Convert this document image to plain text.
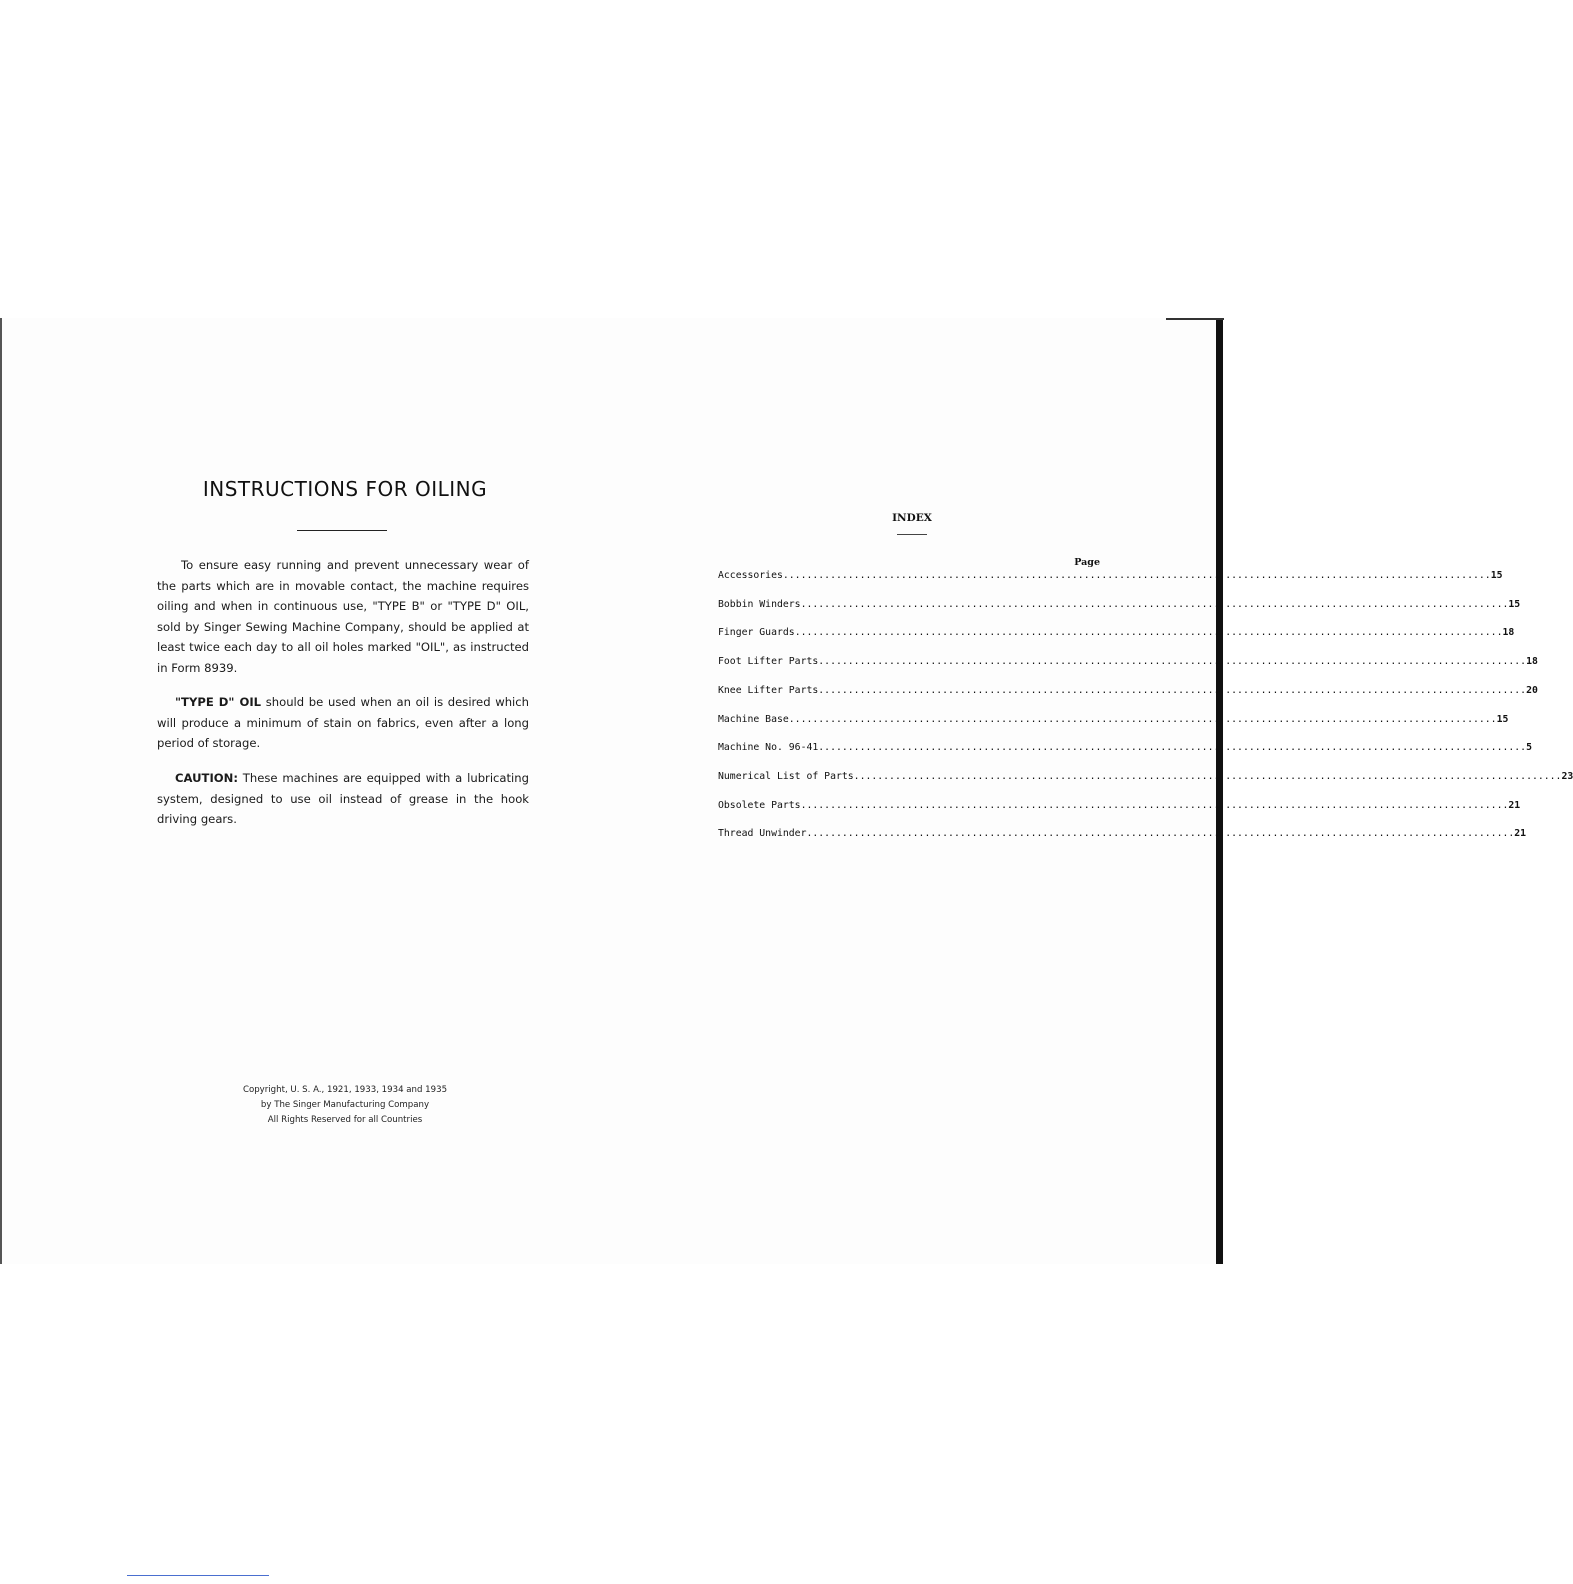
INSTRUCTIONS FOR OILING
To ensure easy running and prevent unnecessary wear of the parts which are in movable contact, the machine requires oiling and when in continuous use, "TYPE B" or "TYPE D" OIL, sold by Singer Sewing Machine Company, should be applied at least twice each day to all oil holes marked "OIL", as instructed in Form 8939.
"TYPE D" OIL should be used when an oil is desired which will produce a minimum of stain on fabrics, even after a long period of storage.
CAUTION: These machines are equipped with a lubricating system, designed to use oil instead of grease in the hook driving gears.
Copyright, U. S. A., 1921, 1933, 1934 and 1935
by The Singer Manufacturing Company
All Rights Reserved for all Countries
INDEX
Page
Accessories ........................................................................................................................ 15
Bobbin Winders ........................................................................................................................ 15
Finger Guards ........................................................................................................................ 18
Foot Lifter Parts ........................................................................................................................ 18
Knee Lifter Parts ........................................................................................................................ 20
Machine Base ........................................................................................................................ 15
Machine No. 96-41 ........................................................................................................................ 5
Numerical List of Parts ........................................................................................................................ 23
Obsolete Parts ........................................................................................................................ 21
Thread Unwinder ........................................................................................................................ 21
